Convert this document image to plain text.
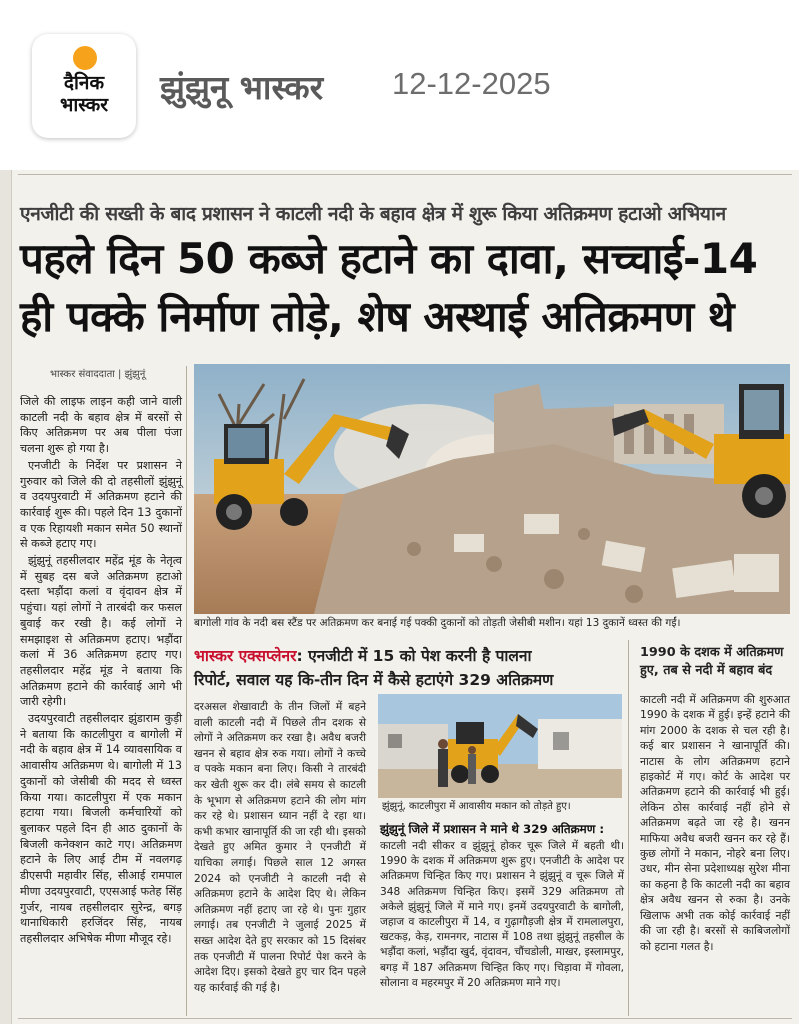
दैनिक
भास्कर	झुंझुनू भास्कर 12-12-2025
एनजीटी की सख्ती के बाद प्रशासन ने काटली नदी के बहाव क्षेत्र में शुरू किया अतिक्रमण हटाओ अभियान
पहले दिन 50 कब्जे हटाने का दावा, सच्चाई-14
ही पक्के निर्माण तोड़े, शेष अस्थाई अतिक्रमण थे
भास्कर संवाददाता | झुंझुनूं

जिले की लाइफ लाइन कही जाने वाली काटली नदी के बहाव क्षेत्र में बरसों से किए अतिक्रमण पर अब पीला पंजा चलना शुरू हो गया है।

एनजीटी के निर्देश पर प्रशासन ने गुरुवार को जिले की दो तहसीलों झुंझुनूं व उदयपुरवाटी में अतिक्रमण हटाने की कार्रवाई शुरू की। पहले दिन 13 दुकानों व एक रिहायशी मकान समेत 50 स्थानों से कब्जे हटाए गए।

झुंझुनूं तहसीलदार महेंद्र मूंड के नेतृत्व में सुबह दस बजे अतिक्रमण हटाओ दस्ता भड़ौंदा कलां व वृंदावन क्षेत्र में पहुंचा। यहां लोगों ने तारबंदी कर फसल बुवाई कर रखी है। कई लोगों ने समझाइश से अतिक्रमण हटाए। भड़ौंदा कलां में 36 अतिक्रमण हटाए गए। तहसीलदार महेंद्र मूंड ने बताया कि अतिक्रमण हटाने की कार्रवाई आगे भी जारी रहेगी।

उदयपुरवाटी तहसीलदार झुंडाराम कुड़ी ने बताया कि काटलीपुरा व बागोली में नदी के बहाव क्षेत्र में 14 व्यावसायिक व आवासीय अतिक्रमण थे। बागोली में 13 दुकानों को जेसीबी की मदद से ध्वस्त किया गया। काटलीपुरा में एक मकान हटाया गया। बिजली कर्मचारियों को बुलाकर पहले दिन ही आठ दुकानों के बिजली कनेक्शन काटे गए। अतिक्रमण हटाने के लिए आई टीम में नवलगढ़ डीएसपी महावीर सिंह, सीआई रामपाल मीणा उदयपुरवाटी, एएसआई फतेह सिंह गुर्जर, नायब तहसीलदार सुरेन्द्र, बगड़ थानाधिकारी हरजिंदर सिंह, नायब तहसीलदार अभिषेक मीणा मौजूद रहे।

बागोली गांव के नदी बस स्टैंड पर अतिक्रमण कर बनाई गई पक्की दुकानों को तोड़ती जेसीबी मशीन। यहां 13 दुकानें ध्वस्त की गईं।
भास्कर एक्सप्लेनर: एनजीटी में 15 को पेश करनी है पालना
रिपोर्ट, सवाल यह कि-तीन दिन में कैसे हटाएंगे 329 अतिक्रमण

दरअसल शेखावाटी के तीन जिलों में बहने वाली काटली नदी में पिछले तीन दशक से लोगों ने अतिक्रमण कर रखा है। अवैध बजरी खनन से बहाव क्षेत्र रुक गया। लोगों ने कच्चे व पक्के मकान बना लिए। किसी ने तारबंदी कर खेती शुरू कर दी। लंबे समय से काटली के भूभाग से अतिक्रमण हटाने की लोग मांग कर रहे थे। प्रशासन ध्यान नहीं दे रहा था। कभी कभार खानापूर्ति की जा रही थी। इसको देखते हुए अमित कुमार ने एनजीटी में याचिका लगाई। पिछले साल 12 अगस्त 2024 को एनजीटी ने काटली नदी से अतिक्रमण हटाने के आदेश दिए थे। लेकिन अतिक्रमण नहीं हटाए जा रहे थे। पुनः गुहार लगाई। तब एनजीटी ने जुलाई 2025 में सख्त आदेश देते हुए सरकार को 15 दिसंबर तक एनजीटी में पालना रिपोर्ट पेश करने के आदेश दिए। इसको देखते हुए चार दिन पहले यह कार्रवाई की गई है।

झुंझुनूं, काटलीपुरा में आवासीय मकान को तोड़ते हुए।
झुंझुनूं जिले में प्रशासन ने माने थे 329 अतिक्रमण :
काटली नदी सीकर व झुंझुनूं होकर चूरू जिले में बहती थी। 1990 के दशक में अतिक्रमण शुरू हुए। एनजीटी के आदेश पर अतिक्रमण चिन्हित किए गए। प्रशासन ने झुंझुनूं व चूरू जिले में 348 अतिक्रमण चिन्हित किए। इसमें 329 अतिक्रमण तो अकेले झुंझुनूं जिले में माने गए। इनमें उदयपुरवाटी के बागोली, जहाज व काटलीपुरा में 14, व गुढ़ागौड़जी क्षेत्र में रामलालपुरा, खटकड़, केड़, रामनगर, नाटास में 108 तथा झुंझुनूं तहसील के भड़ौंदा कलां, भड़ौंदा खुर्द, वृंदावन, चौंचडोली, माखर, इस्लामपुर, बगड़ में 187 अतिक्रमण चिन्हित किए गए। चिड़ावा में गोवला, सोलाना व महरमपुर में 20 अतिक्रमण माने गए।
1990 के दशक में अतिक्रमण हुए, तब से नदी में बहाव बंद
काटली नदी में अतिक्रमण की शुरुआत 1990 के दशक में हुई। इन्हें हटाने की मांग 2000 के दशक से चल रही है। कई बार प्रशासन ने खानापूर्ति की। नाटास के लोग अतिक्रमण हटाने हाइकोर्ट में गए। कोर्ट के आदेश पर अतिक्रमण हटाने की कार्रवाई भी हुई। लेकिन ठोस कार्रवाई नहीं होने से अतिक्रमण बढ़ते जा रहे है। खनन माफिया अवैध बजरी खनन कर रहे हैं। कुछ लोगों ने मकान, नोहरे बना लिए। उधर, मीन सेना प्रदेशाध्यक्ष सुरेश मीना का कहना है कि काटली नदी का बहाव क्षेत्र अवैध खनन से रुका है। उनके खिलाफ अभी तक कोई कार्रवाई नहीं की जा रही है। बरसों से काबिजलोगों को हटाना गलत है।
